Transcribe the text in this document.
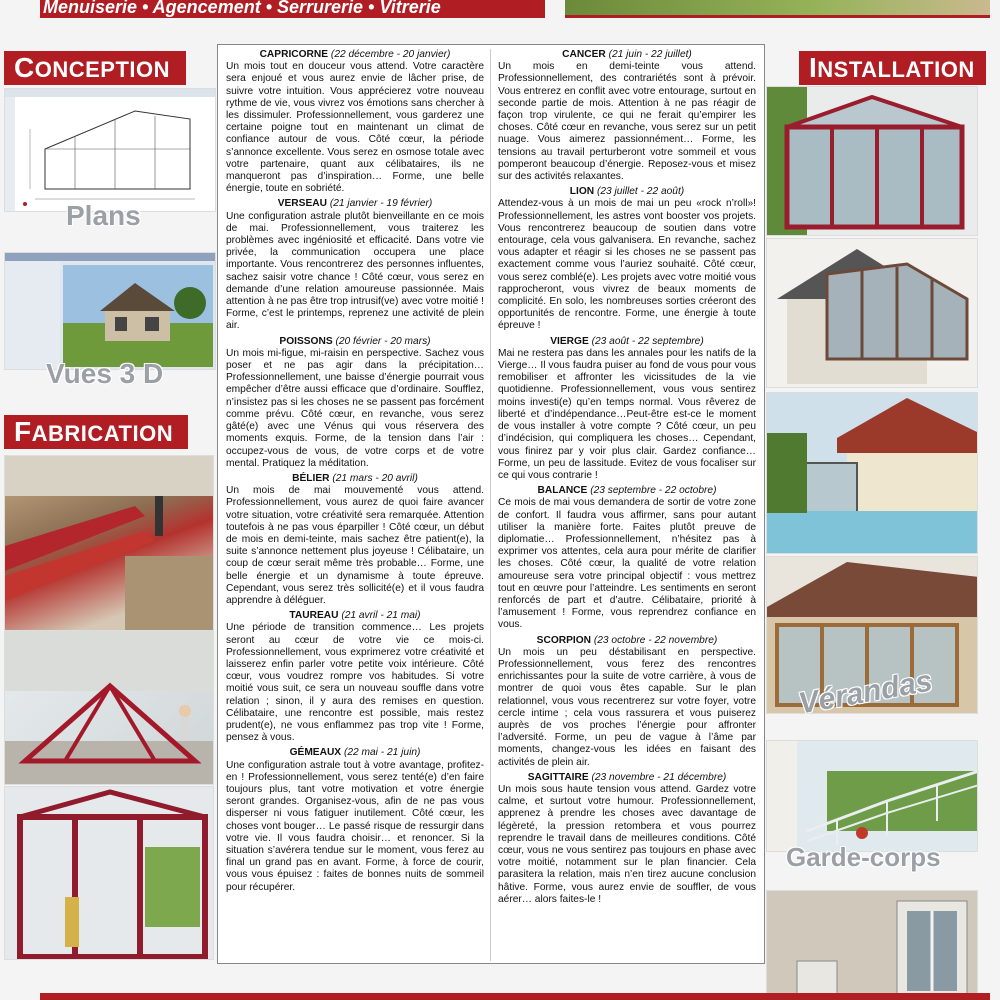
Menuiserie • Agencement • Serrurerie • Vitrerie
CONCEPTION
Plans
Vues 3 D
FABRICATION
CAPRICORNE (22 décembre - 20 janvier)
Un mois tout en douceur vous attend. Votre caractère sera enjoué et vous aurez envie de lâcher prise, de suivre votre intuition. Vous apprécierez votre nouveau rythme de vie, vous vivrez vos émotions sans chercher à les dissimuler. Professionnellement, vous garderez une certaine poigne tout en maintenant un climat de confiance autour de vous. Côté cœur, la période s’annonce excellente. Vous serez en osmose totale avec votre partenaire, quant aux célibataires, ils ne manqueront pas d’inspiration… Forme, une belle énergie, toute en sobriété.
VERSEAU (21 janvier - 19 février)
Une configuration astrale plutôt bienveillante en ce mois de mai. Professionnellement, vous traiterez les problèmes avec ingéniosité et efficacité. Dans votre vie privée, la communication occupera une place importante. Vous rencontrerez des personnes influentes, sachez saisir votre chance ! Côté cœur, vous serez en demande d’une relation amoureuse passionnée. Mais attention à ne pas être trop intrusif(ve) avec votre moitié ! Forme, c’est le printemps, reprenez une activité de plein air.
POISSONS (20 février - 20 mars)
Un mois mi-figue, mi-raisin en perspective. Sachez vous poser et ne pas agir dans la précipitation… Professionnellement, une baisse d’énergie pourrait vous empêcher d’être aussi efficace que d’ordinaire. Soufflez, n’insistez pas si les choses ne se passent pas forcément comme prévu. Côté cœur, en revanche, vous serez gâté(e) avec une Vénus qui vous réservera des moments exquis. Forme, de la tension dans l’air : occupez-vous de vous, de votre corps et de votre mental. Pratiquez la méditation.
BÉLIER (21 mars - 20 avril)
Un mois de mai mouvementé vous attend. Professionnellement, vous aurez de quoi faire avancer votre situation, votre créativité sera remarquée. Attention toutefois à ne pas vous éparpiller ! Côté cœur, un début de mois en demi-teinte, mais sachez être patient(e), la suite s’annonce nettement plus joyeuse ! Célibataire, un coup de cœur serait même très probable… Forme, une belle énergie et un dynamisme à toute épreuve. Cependant, vous serez très sollicité(e) et il vous faudra apprendre à déléguer.
TAUREAU (21 avril - 21 mai)
Une période de transition commence… Les projets seront au cœur de votre vie ce mois-ci. Professionnellement, vous exprimerez votre créativité et laisserez enfin parler votre petite voix intérieure. Côté cœur, vous voudrez rompre vos habitudes. Si votre moitié vous suit, ce sera un nouveau souffle dans votre relation ; sinon, il y aura des remises en question. Célibataire, une rencontre est possible, mais restez prudent(e), ne vous enflammez pas trop vite ! Forme, pensez à vous.
GÉMEAUX (22 mai - 21 juin)
Une configuration astrale tout à votre avantage, profitez-en ! Professionnellement, vous serez tenté(e) d’en faire toujours plus, tant votre motivation et votre énergie seront grandes. Organisez-vous, afin de ne pas vous disperser ni vous fatiguer inutilement. Côté cœur, les choses vont bouger… Le passé risque de ressurgir dans votre vie. Il vous faudra choisir… et renoncer. Si la situation s’avérera tendue sur le moment, vous ferez au final un grand pas en avant. Forme, à force de courir, vous vous épuisez : faites de bonnes nuits de sommeil pour récupérer.
CANCER (21 juin - 22 juillet)
Un mois en demi-teinte vous attend. Professionnellement, des contrariétés sont à prévoir. Vous entrerez en conflit avec votre entourage, surtout en seconde partie de mois. Attention à ne pas réagir de façon trop virulente, ce qui ne ferait qu’empirer les choses. Côté cœur en revanche, vous serez sur un petit nuage. Vous aimerez passionnément… Forme, les tensions au travail perturberont votre sommeil et vous pomperont beaucoup d’énergie. Reposez-vous et misez sur des activités relaxantes.
LION (23 juillet - 22 août)
Attendez-vous à un mois de mai un peu «rock n’roll»! Professionnellement, les astres vont booster vos projets. Vous rencontrerez beaucoup de soutien dans votre entourage, cela vous galvanisera. En revanche, sachez vous adapter et réagir si les choses ne se passent pas exactement comme vous l’auriez souhaité. Côté cœur, vous serez comblé(e). Les projets avec votre moitié vous rapprocheront, vous vivrez de beaux moments de complicité. En solo, les nombreuses sorties créeront des opportunités de rencontre. Forme, une énergie à toute épreuve !
VIERGE (23 août - 22 septembre)
Mai ne restera pas dans les annales pour les natifs de la Vierge… Il vous faudra puiser au fond de vous pour vous remobiliser et affronter les vicissitudes de la vie quotidienne. Professionnellement, vous vous sentirez moins investi(e) qu’en temps normal. Vous rêverez de liberté et d’indépendance…Peut-être est-ce le moment de vous installer à votre compte ? Côté cœur, un peu d’indécision, qui compliquera les choses… Cependant, vous finirez par y voir plus clair. Gardez confiance… Forme, un peu de lassitude. Evitez de vous focaliser sur ce qui vous contrarie !
BALANCE (23 septembre - 22 octobre)
Ce mois de mai vous demandera de sortir de votre zone de confort. Il faudra vous affirmer, sans pour autant utiliser la manière forte. Faites plutôt preuve de diplomatie… Professionnellement, n’hésitez pas à exprimer vos attentes, cela aura pour mérite de clarifier les choses. Côté cœur, la qualité de votre relation amoureuse sera votre principal objectif : vous mettrez tout en œuvre pour l’atteindre. Les sentiments en seront renforcés de part et d’autre. Célibataire, priorité à l’amusement ! Forme, vous reprendrez confiance en vous.
SCORPION (23 octobre - 22 novembre)
Un mois un peu déstabilisant en perspective. Professionnellement, vous ferez des rencontres enrichissantes pour la suite de votre carrière, à vous de montrer de quoi vous êtes capable. Sur le plan relationnel, vous vous recentrerez sur votre foyer, votre cercle intime ; cela vous rassurera et vous puiserez auprès de vos proches l’énergie pour affronter l’adversité. Forme, un peu de vague à l’âme par moments, changez-vous les idées en faisant des activités de plein air.
SAGITTAIRE (23 novembre - 21 décembre)
Un mois sous haute tension vous attend. Gardez votre calme, et surtout votre humour. Professionnellement, apprenez à prendre les choses avec davantage de légèreté, la pression retombera et vous pourrez reprendre le travail dans de meilleures conditions. Côté cœur, vous ne vous sentirez pas toujours en phase avec votre moitié, notamment sur le plan financier. Cela parasitera la relation, mais n’en tirez aucune conclusion hâtive. Forme, vous aurez envie de souffler, de vous aérer… alors faites-le !
INSTALLATION
Vérandas
Garde-corps
